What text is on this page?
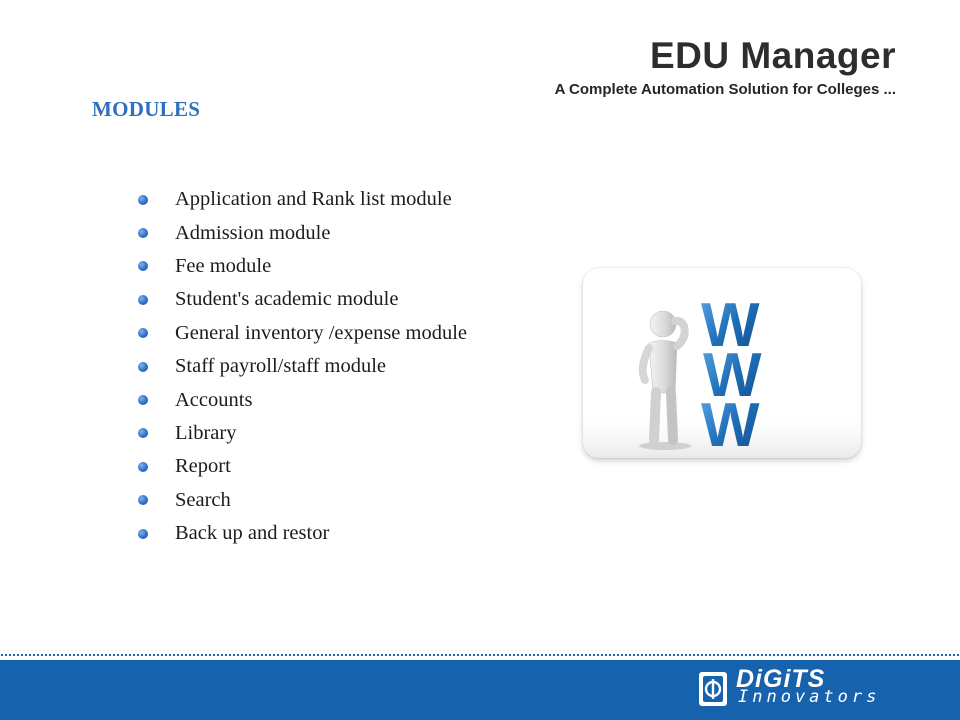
EDU Manager
A Complete Automation Solution for Colleges ...
MODULES
Application and Rank list module
Admission module
Fee module
Student's academic module
General inventory /expense module
Staff payroll/staff module
Accounts
Library
Report
Search
Back up and restor
W
W
W
DiGiTS
Innovators
